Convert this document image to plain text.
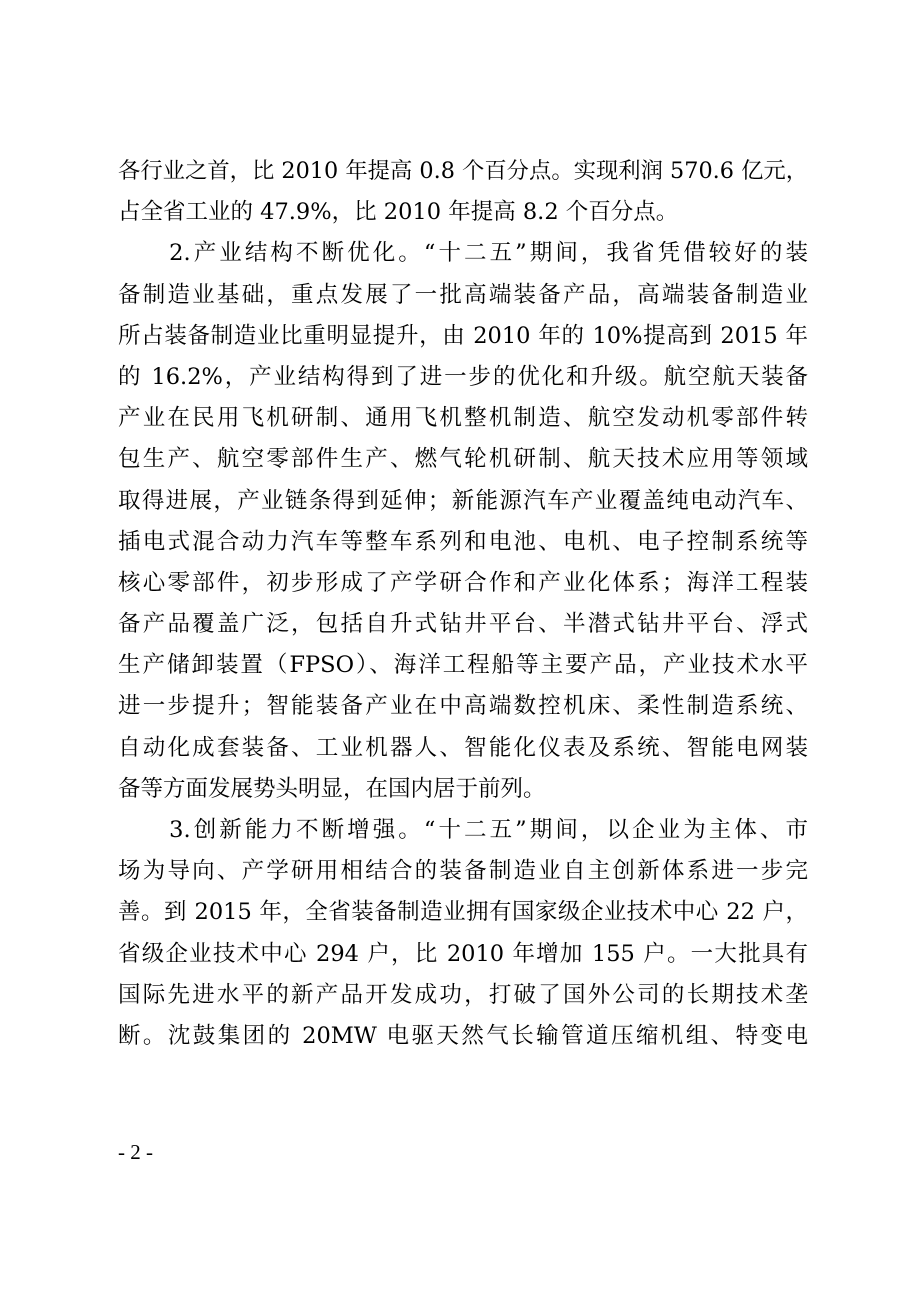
各行业之首，比 2010 年提高 0.8 个百分点。实现利润 570.6 亿元，
占全省工业的 47.9%，比 2010 年提高 8.2 个百分点。
　　2.产业结构不断优化。“十二五”期间，我省凭借较好的装
备制造业基础，重点发展了一批高端装备产品，高端装备制造业
所占装备制造业比重明显提升，由 2010 年的 10%提高到 2015 年
的 16.2%，产业结构得到了进一步的优化和升级。航空航天装备
产业在民用飞机研制、通用飞机整机制造、航空发动机零部件转
包生产、航空零部件生产、燃气轮机研制、航天技术应用等领域
取得进展，产业链条得到延伸；新能源汽车产业覆盖纯电动汽车、
插电式混合动力汽车等整车系列和电池、电机、电子控制系统等
核心零部件，初步形成了产学研合作和产业化体系；海洋工程装
备产品覆盖广泛，包括自升式钻井平台、半潜式钻井平台、浮式
生产储卸装置（FPSO）、海洋工程船等主要产品，产业技术水平
进一步提升；智能装备产业在中高端数控机床、柔性制造系统、
自动化成套装备、工业机器人、智能化仪表及系统、智能电网装
备等方面发展势头明显，在国内居于前列。
　　3.创新能力不断增强。“十二五”期间，以企业为主体、市
场为导向、产学研用相结合的装备制造业自主创新体系进一步完
善。到 2015 年，全省装备制造业拥有国家级企业技术中心 22 户，
省级企业技术中心 294 户，比 2010 年增加 155 户。一大批具有
国际先进水平的新产品开发成功，打破了国外公司的长期技术垄
断。沈鼓集团的 20MW 电驱天然气长输管道压缩机组、特变电
- 2 -
